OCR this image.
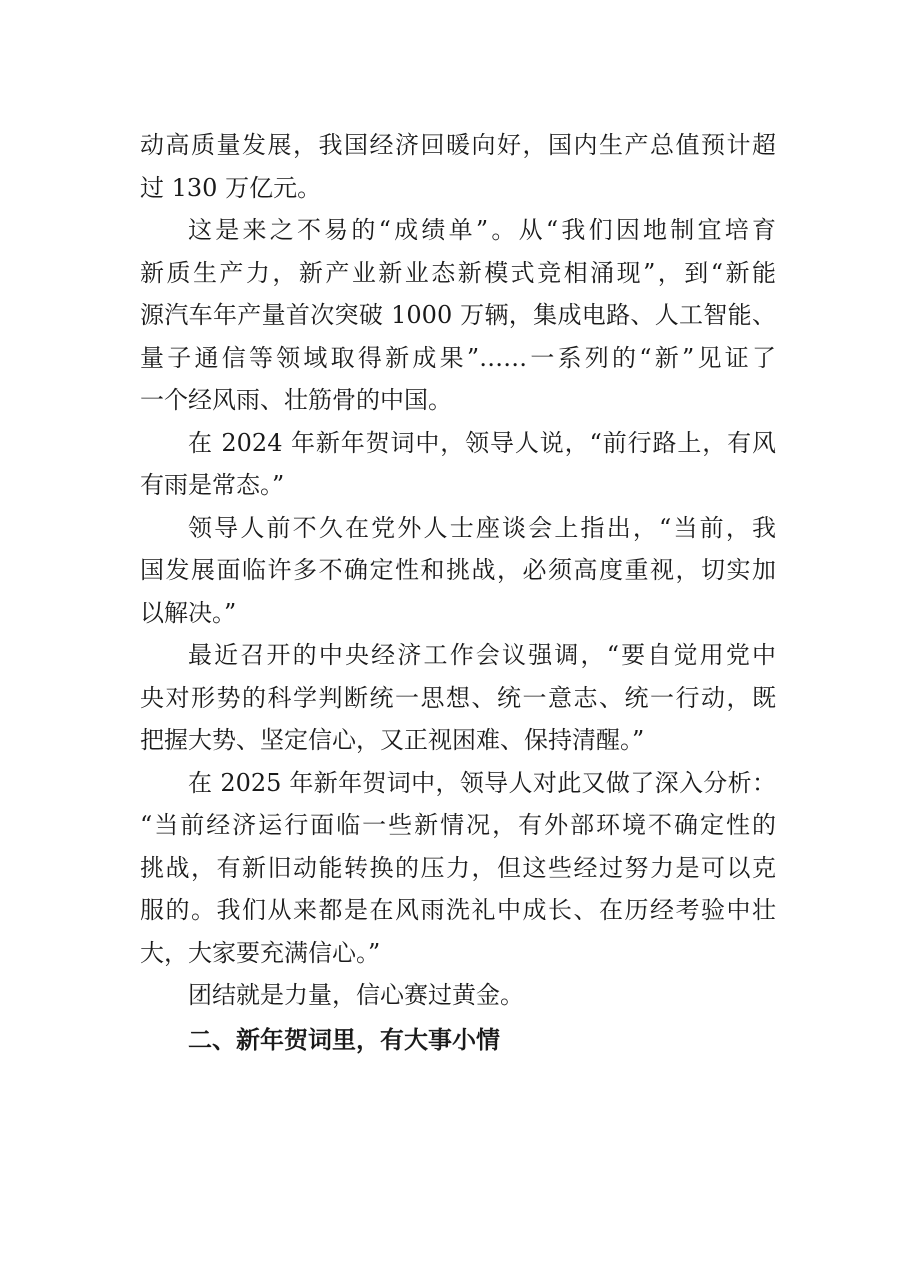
动高质量发展，我国经济回暖向好，国内生产总值预计超
过 130 万亿元。
这是来之不易的“成绩单”。从“我们因地制宜培育
新质生产力，新产业新业态新模式竞相涌现”，到“新能
源汽车年产量首次突破 1000 万辆，集成电路、人工智能、
量子通信等领域取得新成果”……一系列的“新”见证了
一个经风雨、壮筋骨的中国。
在 2024 年新年贺词中，领导人说，“前行路上，有风
有雨是常态。”
领导人前不久在党外人士座谈会上指出，“当前，我
国发展面临许多不确定性和挑战，必须高度重视，切实加
以解决。”
最近召开的中央经济工作会议强调，“要自觉用党中
央对形势的科学判断统一思想、统一意志、统一行动，既
把握大势、坚定信心，又正视困难、保持清醒。”
在 2025 年新年贺词中，领导人对此又做了深入分析：
“当前经济运行面临一些新情况，有外部环境不确定性的
挑战，有新旧动能转换的压力，但这些经过努力是可以克
服的。我们从来都是在风雨洗礼中成长、在历经考验中壮
大，大家要充满信心。”
团结就是力量，信心赛过黄金。
二、新年贺词里，有大事小情
